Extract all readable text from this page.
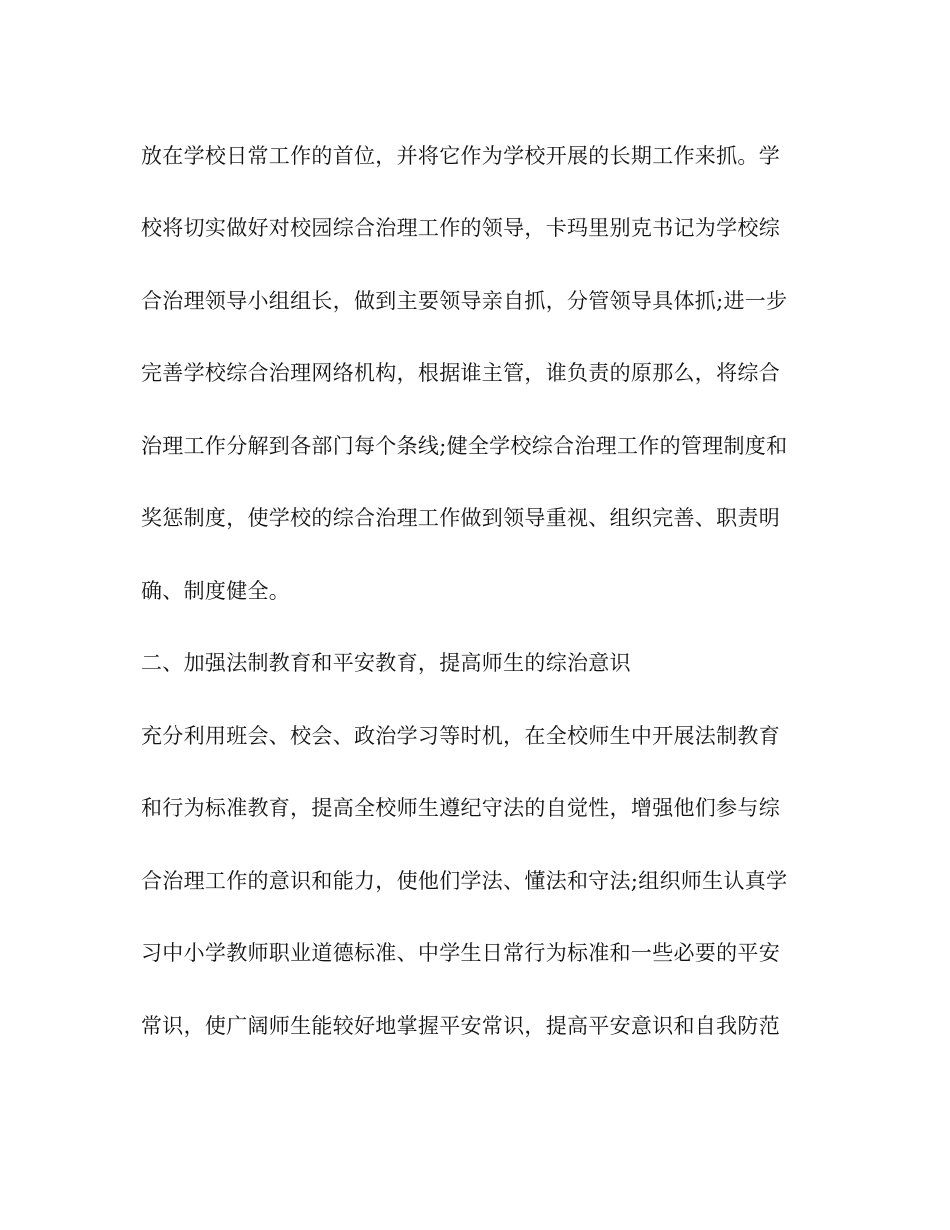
放在学校日常工作的首位，并将它作为学校开展的长期工作来抓。学
校将切实做好对校园综合治理工作的领导，卡玛里别克书记为学校综
合治理领导小组组长，做到主要领导亲自抓，分管领导具体抓;进一步
完善学校综合治理网络机构，根据谁主管，谁负责的原那么，将综合
治理工作分解到各部门每个条线;健全学校综合治理工作的管理制度和
奖惩制度，使学校的综合治理工作做到领导重视、组织完善、职责明
确、制度健全。
二、加强法制教育和平安教育，提高师生的综治意识
充分利用班会、校会、政治学习等时机，在全校师生中开展法制教育
和行为标准教育，提高全校师生遵纪守法的自觉性，增强他们参与综
合治理工作的意识和能力，使他们学法、懂法和守法;组织师生认真学
习中小学教师职业道德标准、中学生日常行为标准和一些必要的平安
常识，使广阔师生能较好地掌握平安常识，提高平安意识和自我防范
